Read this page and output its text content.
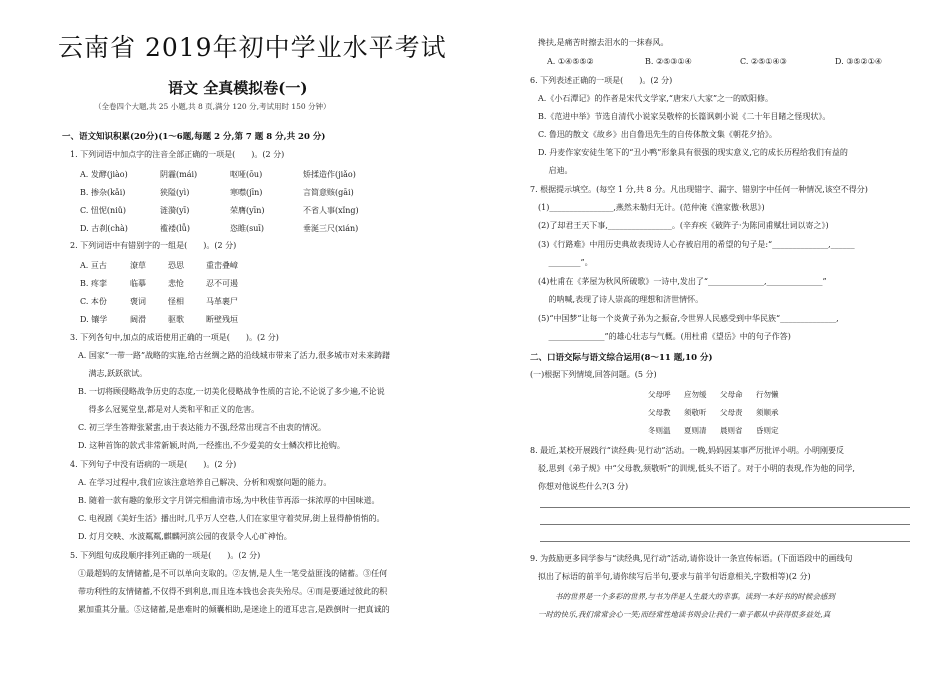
云南省 2019年初中学业水平考试
语文 全真模拟卷(一)
（全卷四个大题,共 25 小题,共 8 页,满分 120 分,考试用时 150 分钟）
一、语文知识积累(20分)(1～6题,每题 2 分,第 7 题 8 分,共 20 分)
1. 下列词语中加点字的注音全部正确的一项是(　　)。(2 分)
A. 发酵(jiào)	阴霾(mái)	呕哑(ōu)	矫揉造作(jiǎo)
B. 掺杂(kǎi)	狭隘(yì)	寒噤(jīn)	言简意赅(gāi)
C. 忸怩(niǔ)	涟漪(yī)	荣膺(yīn)	不省人事(xǐng)
D. 古刹(chà)	褴褛(lǚ)	恣睢(suī)	垂涎三尺(xián)
2. 下列词语中有错别字的一组是(　　)。(2 分)
A. 亘古	潦草	恐思	重峦叠嶂
B. 疼挛	临摹	悲怆	忍不可遏
C. 本份	褒词	怪相	马革裹尸
D. 镶学	阔滑	驱歌	断壁残垣
3. 下列各句中,加点的成语使用正确的一项是(　　)。(2 分)
A. 国家“一带一路”战略的实施,给古丝绸之路的沿线城市带来了活力,很多城市对未来踌躇
　 满志,跃跃欲试。
B. 一切将顾侵略战争历史的态度,一切美化侵略战争性质的言论,不论说了多少遍,不论说
　 得多么冠冕堂皇,都是对人类和平和正义的危害。
C. 初三学生答辩张紧蜚,由于表达能力不强,经常出现言不由衷的情况。
D. 这种首饰的款式非常新颖,时尚,一经推出,不少爱美的女士鳞次栉比抢购。
4. 下列句子中没有语病的一项是(　　)。(2 分)
A. 在学习过程中,我们应该注意培养自己解决、分析和观察问题的能力。
B. 随着一款有趣的象形文字月饼完相曲清市场,为中秋佳节再添一抹浓厚的中国味道。
C. 电视剧《美好生活》播出时,几乎万人空巷,人们在家里守着荧屏,街上显得静悄悄的。
D. 灯月交映、水波粼粼,麒麟河滨公园的夜景令人心旷神怡。
5. 下列组句成段顺序排列正确的一项是(　　)。(2 分)
①最超妈的友情储蓄,是不可以单向支取的。②友情,是人生一笔受益匪浅的储蓄。③任何
带功利性的友情储蓄,不仅得不到利息,而且连本钱也会丧失殆尽。④而是要通过彼此的积
累加重其分量。⑤这储蓄,是患难时的倾囊相助,是迷途上的道耳忠言,是跌倒时一把真诚的
搀扶,是痛苦时擦去泪水的一抹春风。
A. ①④⑤⑤②	B. ②⑤③①④	C. ②⑤①④③	D. ③⑤②①④
6. 下列表述正确的一项是(　　)。(2 分)
A.《小石潭记》的作者是宋代文学家,“唐宋八大家”之一的欧阳修。
B.《范进中举》节选自清代小说家吴敬梓的长篇讽刺小说《二十年目睹之怪现状》。
C. 鲁迅的散文《故乡》出自鲁迅先生的自传体散文集《朝花夕拾》。
D. 丹麦作家安徒生笔下的“丑小鸭”形象具有很强的现实意义,它的成长历程给我们有益的
　 启迪。
7. 根据提示填空。(每空 1 分,共 8 分。凡出现错字、漏字、错别字中任何一种情况,该空不得分)
(1)________________,燕然未勒归无计。(范仲淹《渔家傲·秋思》)
(2)了却君王天下事,________________。(辛弃疾《破阵子·为陈同甫赋壮词以寄之》)
(3)《行路难》中用历史典故表现诗人心存被启用的希望的句子是:“______________,______
　 ________”。
(4)杜甫在《茅屋为秋风所破歌》一诗中,发出了“______________,______________”
　 的呐喊,表现了诗人崇高的理想和济世情怀。
(5)“中国梦”让每一个炎黄子孙为之振奋,令世界人民感受到中华民族“______________,
　 ______________”的雄心壮志与气概。(用杜甫《望岳》中的句子作答)
二、口语交际与语文综合运用(8～11 题,10 分)
(一)根据下列情境,回答问题。(5 分)
父母呼 应勿缓 父母命 行勿懒
父母教 须敬听 父母责 须顺承
冬则温 夏则凊 晨则省 昏则定
8. 最近,某校开展践行“读经典·见行动”活动。一晚,妈妈因某事严厉批评小明。小明刚要反
驳,思到《弟子规》中“父母教,须敬听”的训规,低头不语了。对于小明的表现,作为他的同学,
你想对他说些什么?(3 分)
9. 为鼓励更多同学参与“读经典,见行动”活动,请你设计一条宣传标语。(下面语段中的画线句
拟出了标语的前半句,请你续写后半句,要求与前半句语意相关,字数相等)(2 分)
书的世界是一个多彩的世界,与书为伴是人生最大的幸事。读到一本好书的时候会感到
一时的快乐,我们常常会心一笑;而经常性地读书则会让我们一辈子都从中获得很多益处,真
